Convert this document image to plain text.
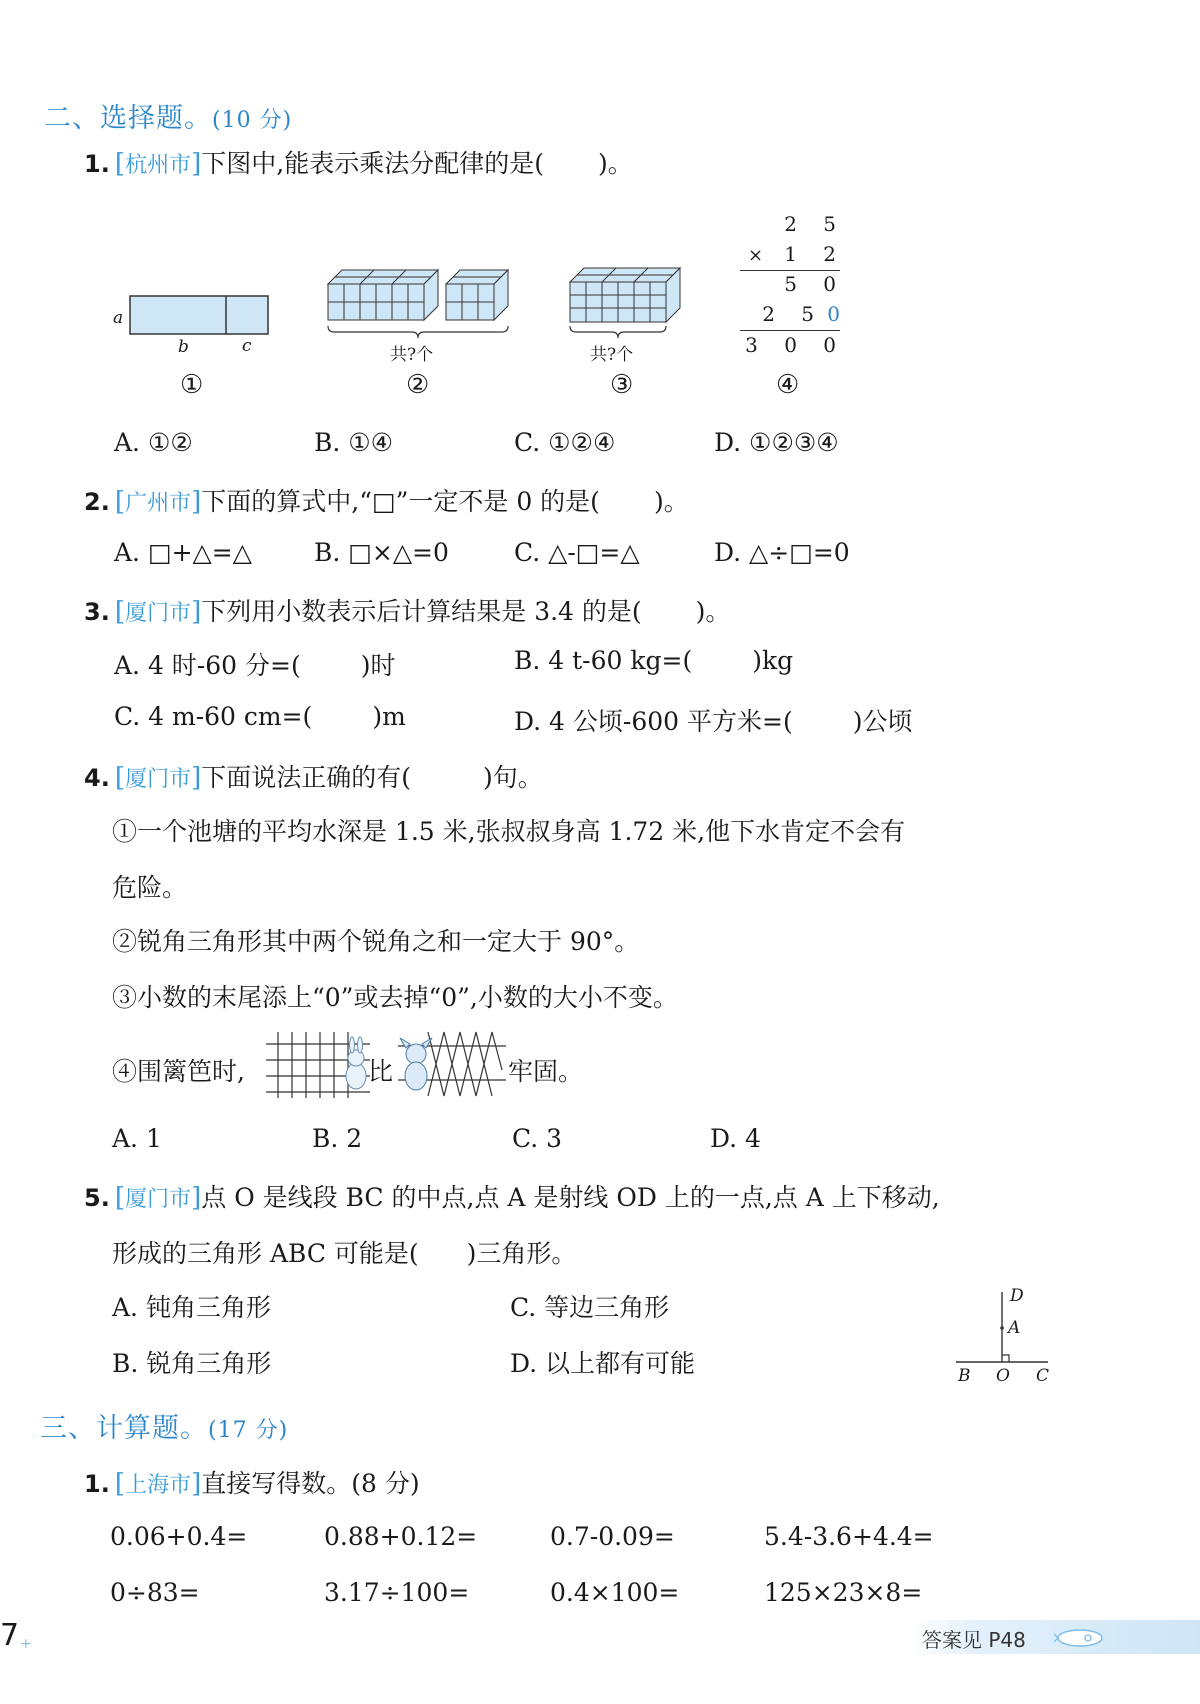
二、选择题。(10 分)
1. [杭州市]下图中,能表示乘法分配律的是( )。
a
b	c
①
共?个
②
共?个
③
2 5
× 1 2
5 0
2 5 0
3 0 0
④
A. ①②	B. ①④	C. ①②④	D. ①②③④
2. [广州市]下面的算式中,“□”一定不是 0 的是( )。
A. □+△=△ B. □×△=0	C. △-□=△	D. △÷□=0
3. [厦门市]下列用小数表示后计算结果是 3.4 的是( )。
A. 4 时-60 分=( )时	B. 4 t-60 kg=( )kg
C. 4 m-60 cm=( )m	D. 4 公顷-600 平方米=( )公顷
4. [厦门市]下面说法正确的有(	)句。
①一个池塘的平均水深是 1.5 米,张叔叔身高 1.72 米,他下水肯定不会有
危险。
②锐角三角形其中两个锐角之和一定大于 90°。
③小数的末尾添上“0”或去掉“0”,小数的大小不变。
④围篱笆时,	比	牢固。
A. 1	B. 2	C. 3	D. 4
5. [厦门市]点 O 是线段 BC 的中点,点 A 是射线 OD 上的一点,点 A 上下移动,
形成的三角形 ABC 可能是( )三角形。
A. 钝角三角形	C. 等边三角形
B. 锐角三角形	D. 以上都有可能
D
A
B O C
三、计算题。(17 分)
1. [上海市]直接写得数。(8 分)
0.06+0.4=	0.88+0.12=	0.7-0.09=	5.4-3.6+4.4=
0÷83=	3.17÷100=	0.4×100=	125×23×8=
7 +	答案见 P48
